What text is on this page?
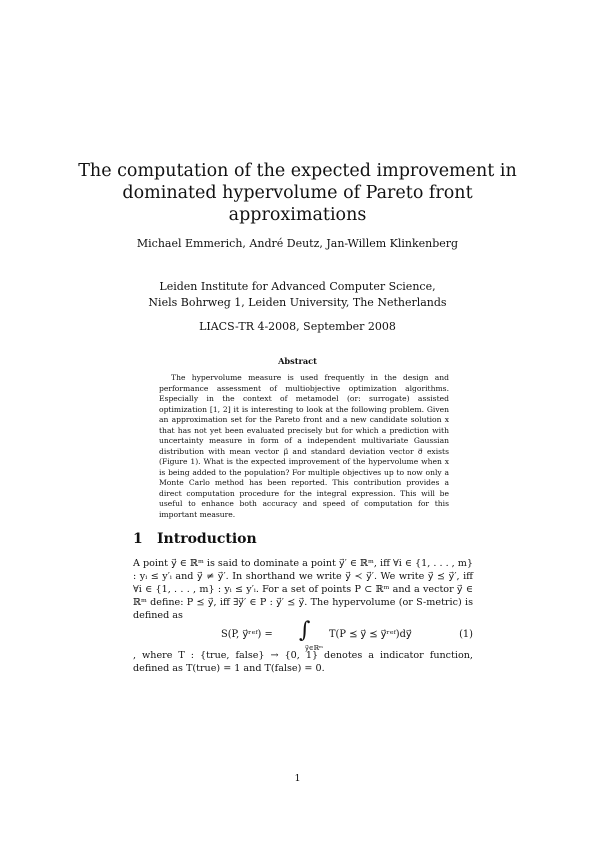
The computation of the expected improvement in
dominated hypervolume of Pareto front
approximations
Michael Emmerich, André Deutz, Jan-Willem Klinkenberg
Leiden Institute for Advanced Computer Science,
Niels Bohrweg 1, Leiden University, The Netherlands
LIACS-TR 4-2008, September 2008
Abstract
The hypervolume measure is used frequently in the design and performance assessment of multiobjective optimization algorithms. Especially in the context of metamodel (or: surrogate) assisted optimization [1, 2] it is interesting to look at the following problem. Given an approximation set for the Pareto front and a new candidate solution x that has not yet been evaluated precisely but for which a prediction with uncertainty measure in form of a independent multivariate Gaussian distribution with mean vector μ⃗ and standard deviation vector σ⃗ exists (Figure 1). What is the expected improvement of the hypervolume when x is being added to the population? For multiple objectives up to now only a Monte Carlo method has been reported. This contribution provides a direct computation procedure for the integral expression. This will be useful to enhance both accuracy and speed of computation for this important measure.
1 Introduction
A point y⃗ ∈ ℝᵐ is said to dominate a point y⃗′ ∈ ℝᵐ, iff ∀i ∈ {1, . . . , m} : yᵢ ≤ y′ᵢ and y⃗ ≠ y⃗′. In shorthand we write y⃗ ≺ y⃗′. We write y⃗ ⪯ y⃗′, iff ∀i ∈ {1, . . . , m} : yᵢ ≤ y′ᵢ. For a set of points P ⊂ ℝᵐ and a vector y⃗ ∈ ℝᵐ define: P ⪯ y⃗, iff ∃y⃗′ ∈ P : y⃗′ ⪯ y⃗. The hypervolume (or S-metric) is defined as
S(P, y⃗ʳᵉᶠ) = ∫
y⃗∈ℝᵐ
T(P ⪯ y⃗ ⪯ y⃗ʳᵉᶠ)dy⃗	(1)
, where T : {true, false} → {0, 1} denotes a indicator function, defined as T(true) = 1 and T(false) = 0.
1
